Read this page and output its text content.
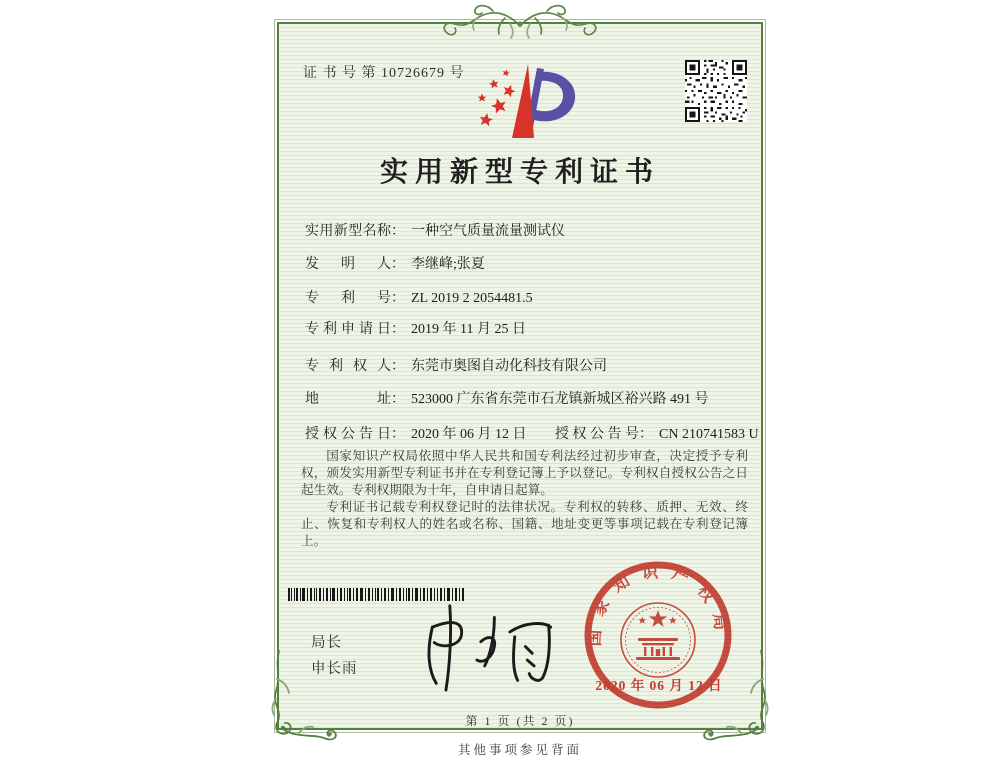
证 书 号 第 10726679 号
实用新型专利证书
实用新型名称： 一种空气质量流量测试仪
发明人： 李继峰;张夏
专利号： ZL 2019 2 2054481.5
专利申请日： 2019 年 11 月 25 日
专利权人： 东莞市奥图自动化科技有限公司
地址： 523000 广东省东莞市石龙镇新城区裕兴路 491 号
授权公告日： 2020 年 06 月 12 日 授权公告号： CN 210741583 U

国家知识产权局依照中华人民共和国专利法经过初步审查，决定授予专利权，颁发实用新型专利证书并在专利登记簿上予以登记。专利权自授权公告之日起生效。专利权期限为十年，自申请日起算。

专利证书记载专利权登记时的法律状况。专利权的转移、质押、无效、终止、恢复和专利权人的姓名或名称、国籍、地址变更等事项记载在专利登记簿上。

局长
申长雨
国家知识产权局
2020 年 06 月 12 日
第 1 页 (共 2 页)
其他事项参见背面
